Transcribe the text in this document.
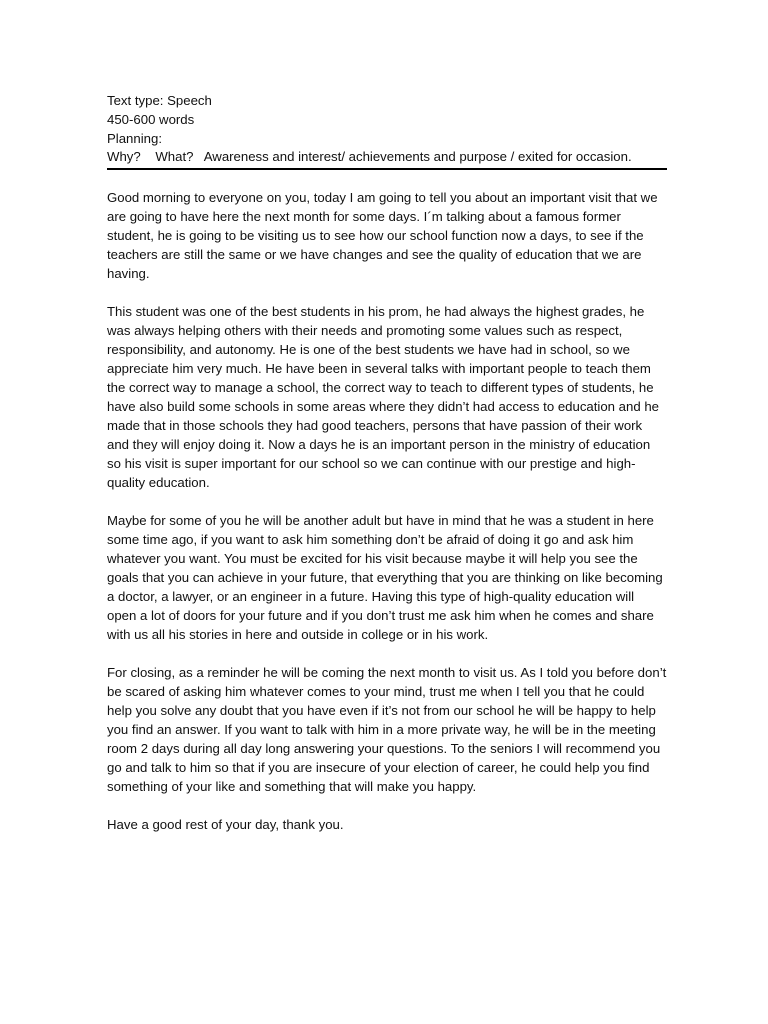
Text type: Speech
450-600 words
Planning:
Why?    What?   Awareness and interest/ achievements and purpose / exited for occasion.

Good morning to everyone on you, today I am going to tell you about an important visit that we are going to have here the next month for some days. I´m talking about a famous former student, he is going to be visiting us to see how our school function now a days, to see if the teachers are still the same or we have changes and see the quality of education that we are having.

This student was one of the best students in his prom, he had always the highest grades, he was always helping others with their needs and promoting some values such as respect, responsibility, and autonomy. He is one of the best students we have had in school, so we appreciate him very much. He have been in several talks with important people to teach them the correct way to manage a school, the correct way to teach to different types of students, he have also build some schools in some areas where they didn’t had access to education and he made that in those schools they had good teachers, persons that have passion of their work and they will enjoy doing it. Now a days he is an important person in the ministry of education so his visit is super important for our school so we can continue with our prestige and high-quality education.

Maybe for some of you he will be another adult but have in mind that he was a student in here some time ago, if you want to ask him something don’t be afraid of doing it go and ask him whatever you want. You must be excited for his visit because maybe it will help you see the goals that you can achieve in your future, that everything that you are thinking on like becoming a doctor, a lawyer, or an engineer in a future. Having this type of high-quality education will open a lot of doors for your future and if you don’t trust me ask him when he comes and share with us all his stories in here and outside in college or in his work.

For closing, as a reminder he will be coming the next month to visit us. As I told you before don’t be scared of asking him whatever comes to your mind, trust me when I tell you that he could help you solve any doubt that you have even if it’s not from our school he will be happy to help you find an answer. If you want to talk with him in a more private way, he will be in the meeting room 2 days during all day long answering your questions. To the seniors I will recommend you go and talk to him so that if you are insecure of your election of career, he could help you find something of your like and something that will make you happy.

Have a good rest of your day, thank you.
